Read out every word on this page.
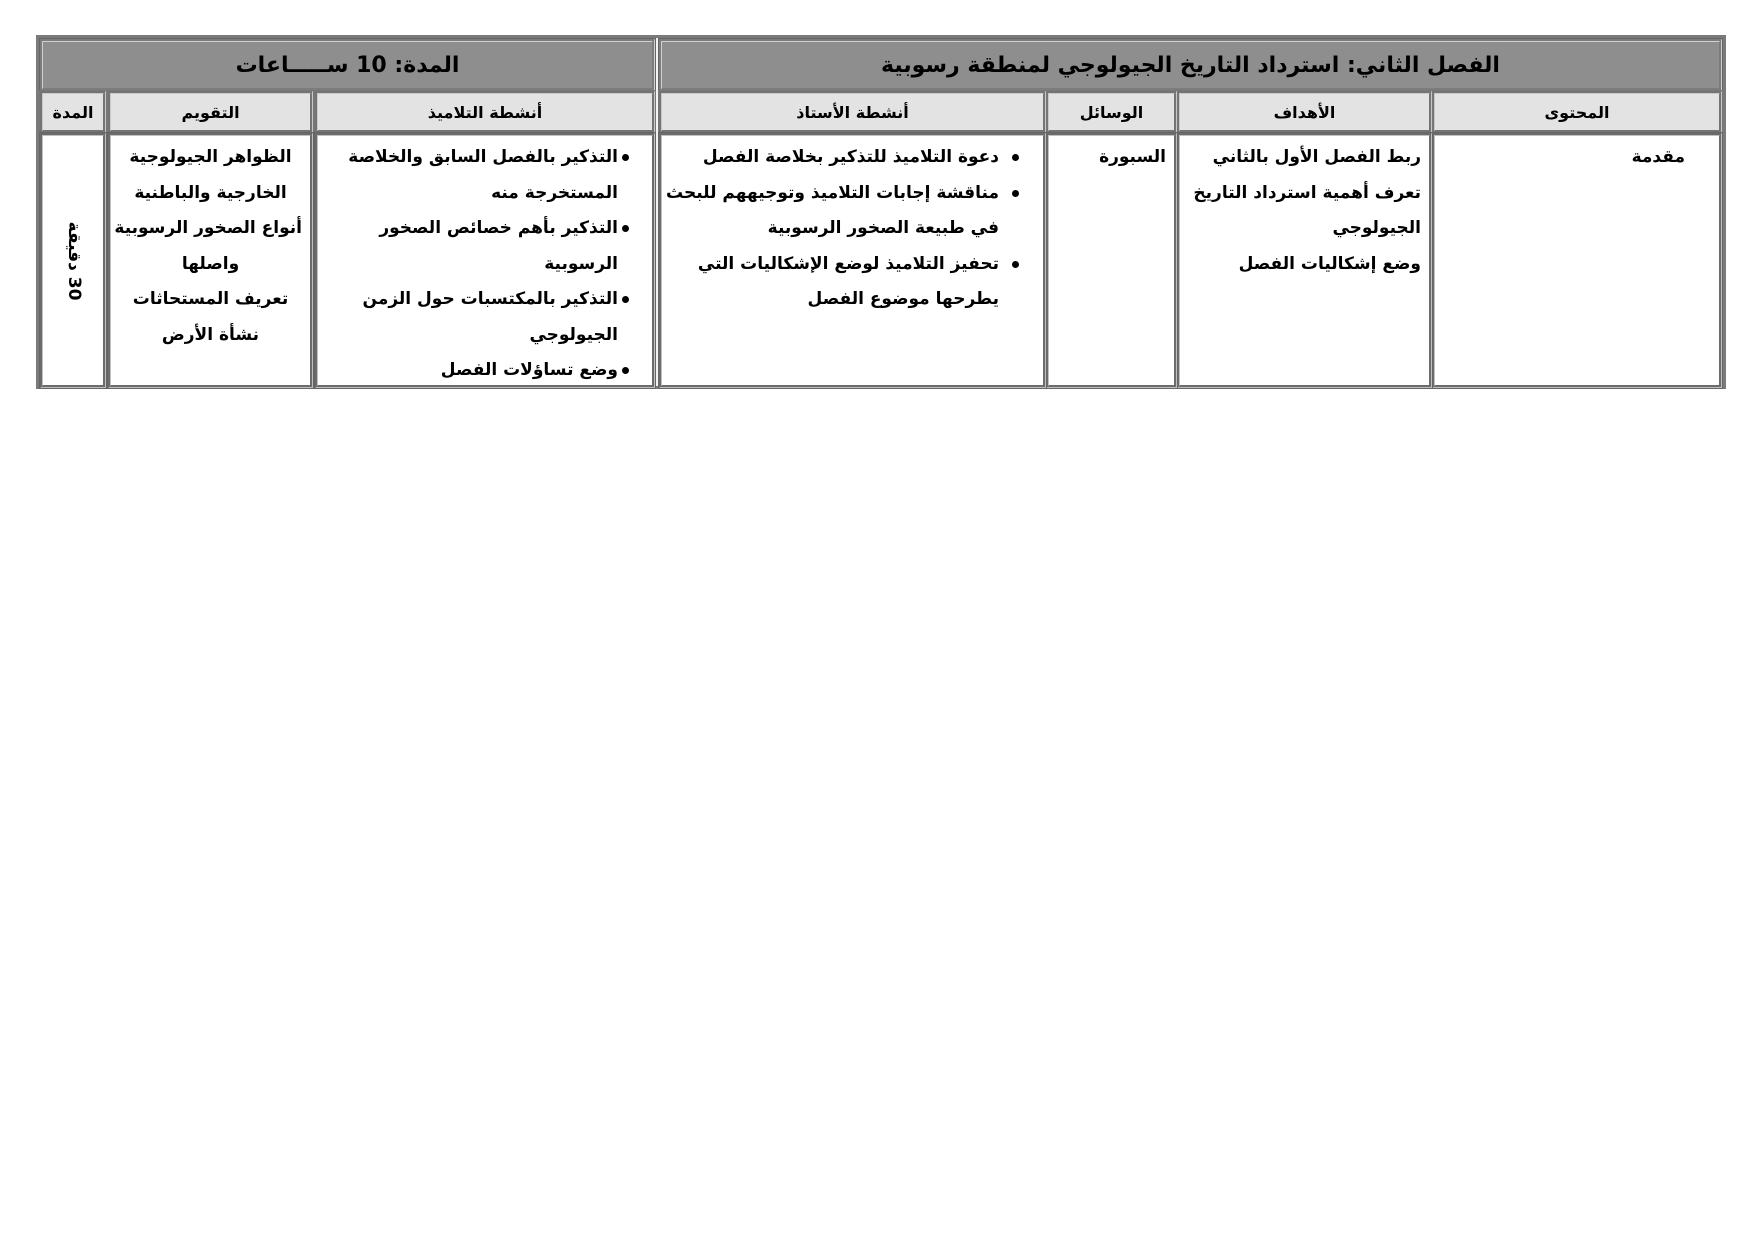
الفصل الثاني: استرداد التاريخ الجيولوجي لمنطقة رسوبية
المدة: 10 ســـــاعات
المحتوى
الأهداف
الوسائل
أنشطة الأستاذ
أنشطة التلاميذ
التقويم
المدة
مقدمة
ربط الفصل الأول بالثاني
تعرف أهمية استرداد التاريخ
الجيولوجي
وضع إشكاليات الفصل
السبورة
دعوة التلاميذ للتذكير بخلاصة الفصل
مناقشة إجابات التلاميذ وتوجيههم للبحث
في طبيعة الصخور الرسوبية
تحفيز التلاميذ لوضع الإشكاليات التي
يطرحها موضوع الفصل
التذكير بالفصل السابق والخلاصة
المستخرجة منه
التذكير بأهم خصائص الصخور
الرسوبية
التذكير بالمكتسبات حول الزمن
الجيولوجي
وضع تساؤلات الفصل
الظواهر الجيولوجية
الخارجية والباطنية
أنواع الصخور الرسوبية
واصلها
تعريف المستحاثات
نشأة الأرض
30 دقيقة
